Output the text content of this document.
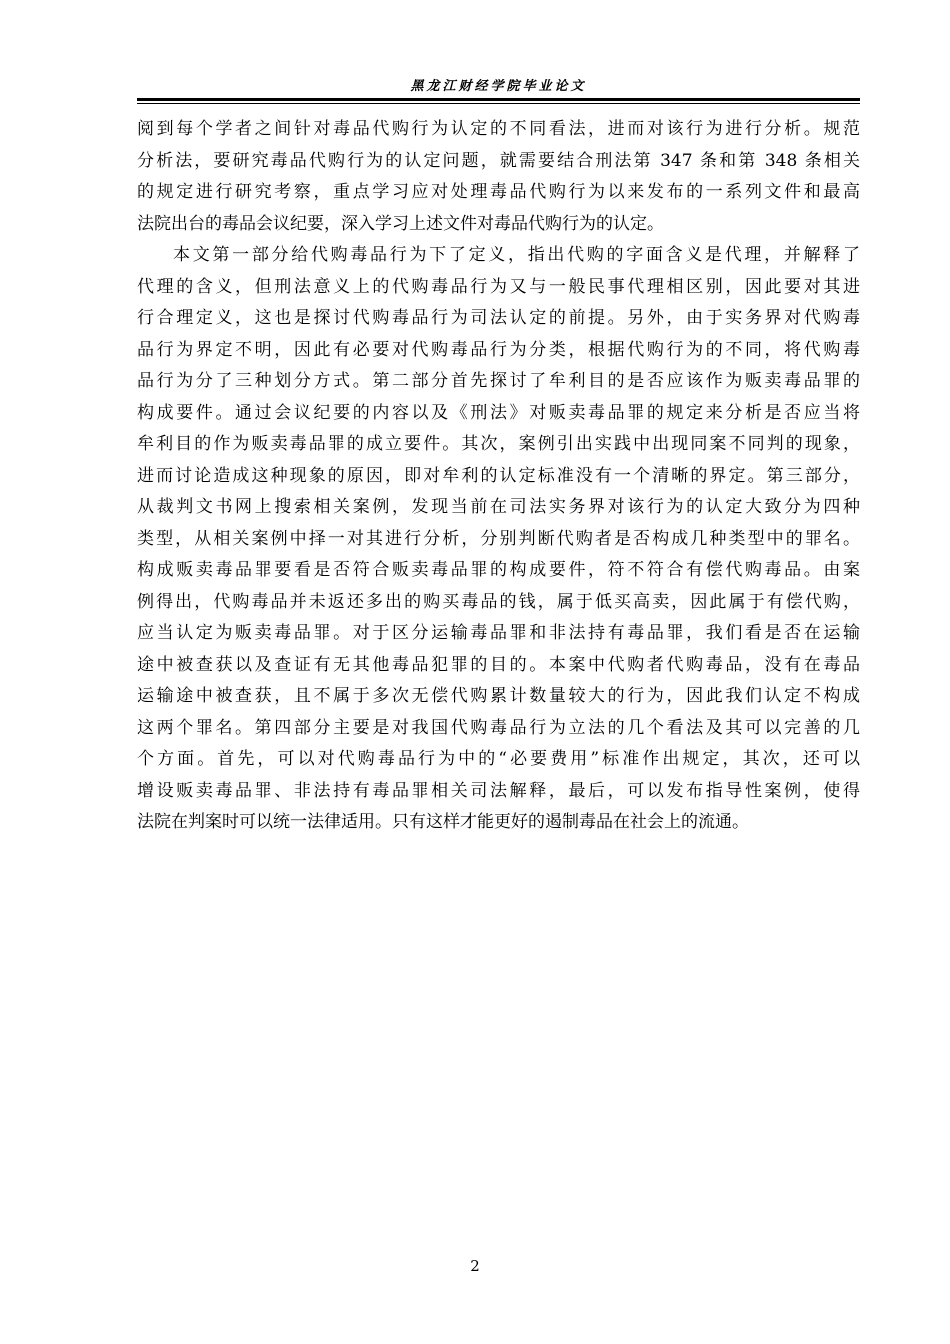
黑龙江财经学院毕业论文
阅到每个学者之间针对毒品代购行为认定的不同看法，进而对该行为进行分析。规范
分析法，要研究毒品代购行为的认定问题，就需要结合刑法第 347 条和第 348 条相关
的规定进行研究考察，重点学习应对处理毒品代购行为以来发布的一系列文件和最高
法院出台的毒品会议纪要，深入学习上述文件对毒品代购行为的认定。
本文第一部分给代购毒品行为下了定义，指出代购的字面含义是代理，并解释了
代理的含义，但刑法意义上的代购毒品行为又与一般民事代理相区别，因此要对其进
行合理定义，这也是探讨代购毒品行为司法认定的前提。另外，由于实务界对代购毒
品行为界定不明，因此有必要对代购毒品行为分类，根据代购行为的不同，将代购毒
品行为分了三种划分方式。第二部分首先探讨了牟利目的是否应该作为贩卖毒品罪的
构成要件。通过会议纪要的内容以及《刑法》对贩卖毒品罪的规定来分析是否应当将
牟利目的作为贩卖毒品罪的成立要件。其次，案例引出实践中出现同案不同判的现象，
进而讨论造成这种现象的原因，即对牟利的认定标准没有一个清晰的界定。第三部分，
从裁判文书网上搜索相关案例，发现当前在司法实务界对该行为的认定大致分为四种
类型，从相关案例中择一对其进行分析，分别判断代购者是否构成几种类型中的罪名。
构成贩卖毒品罪要看是否符合贩卖毒品罪的构成要件，符不符合有偿代购毒品。由案
例得出，代购毒品并未返还多出的购买毒品的钱，属于低买高卖，因此属于有偿代购，
应当认定为贩卖毒品罪。对于区分运输毒品罪和非法持有毒品罪，我们看是否在运输
途中被查获以及查证有无其他毒品犯罪的目的。本案中代购者代购毒品，没有在毒品
运输途中被查获，且不属于多次无偿代购累计数量较大的行为，因此我们认定不构成
这两个罪名。第四部分主要是对我国代购毒品行为立法的几个看法及其可以完善的几
个方面。首先，可以对代购毒品行为中的“必要费用”标准作出规定，其次，还可以
增设贩卖毒品罪、非法持有毒品罪相关司法解释，最后，可以发布指导性案例，使得
法院在判案时可以统一法律适用。只有这样才能更好的遏制毒品在社会上的流通。
2
